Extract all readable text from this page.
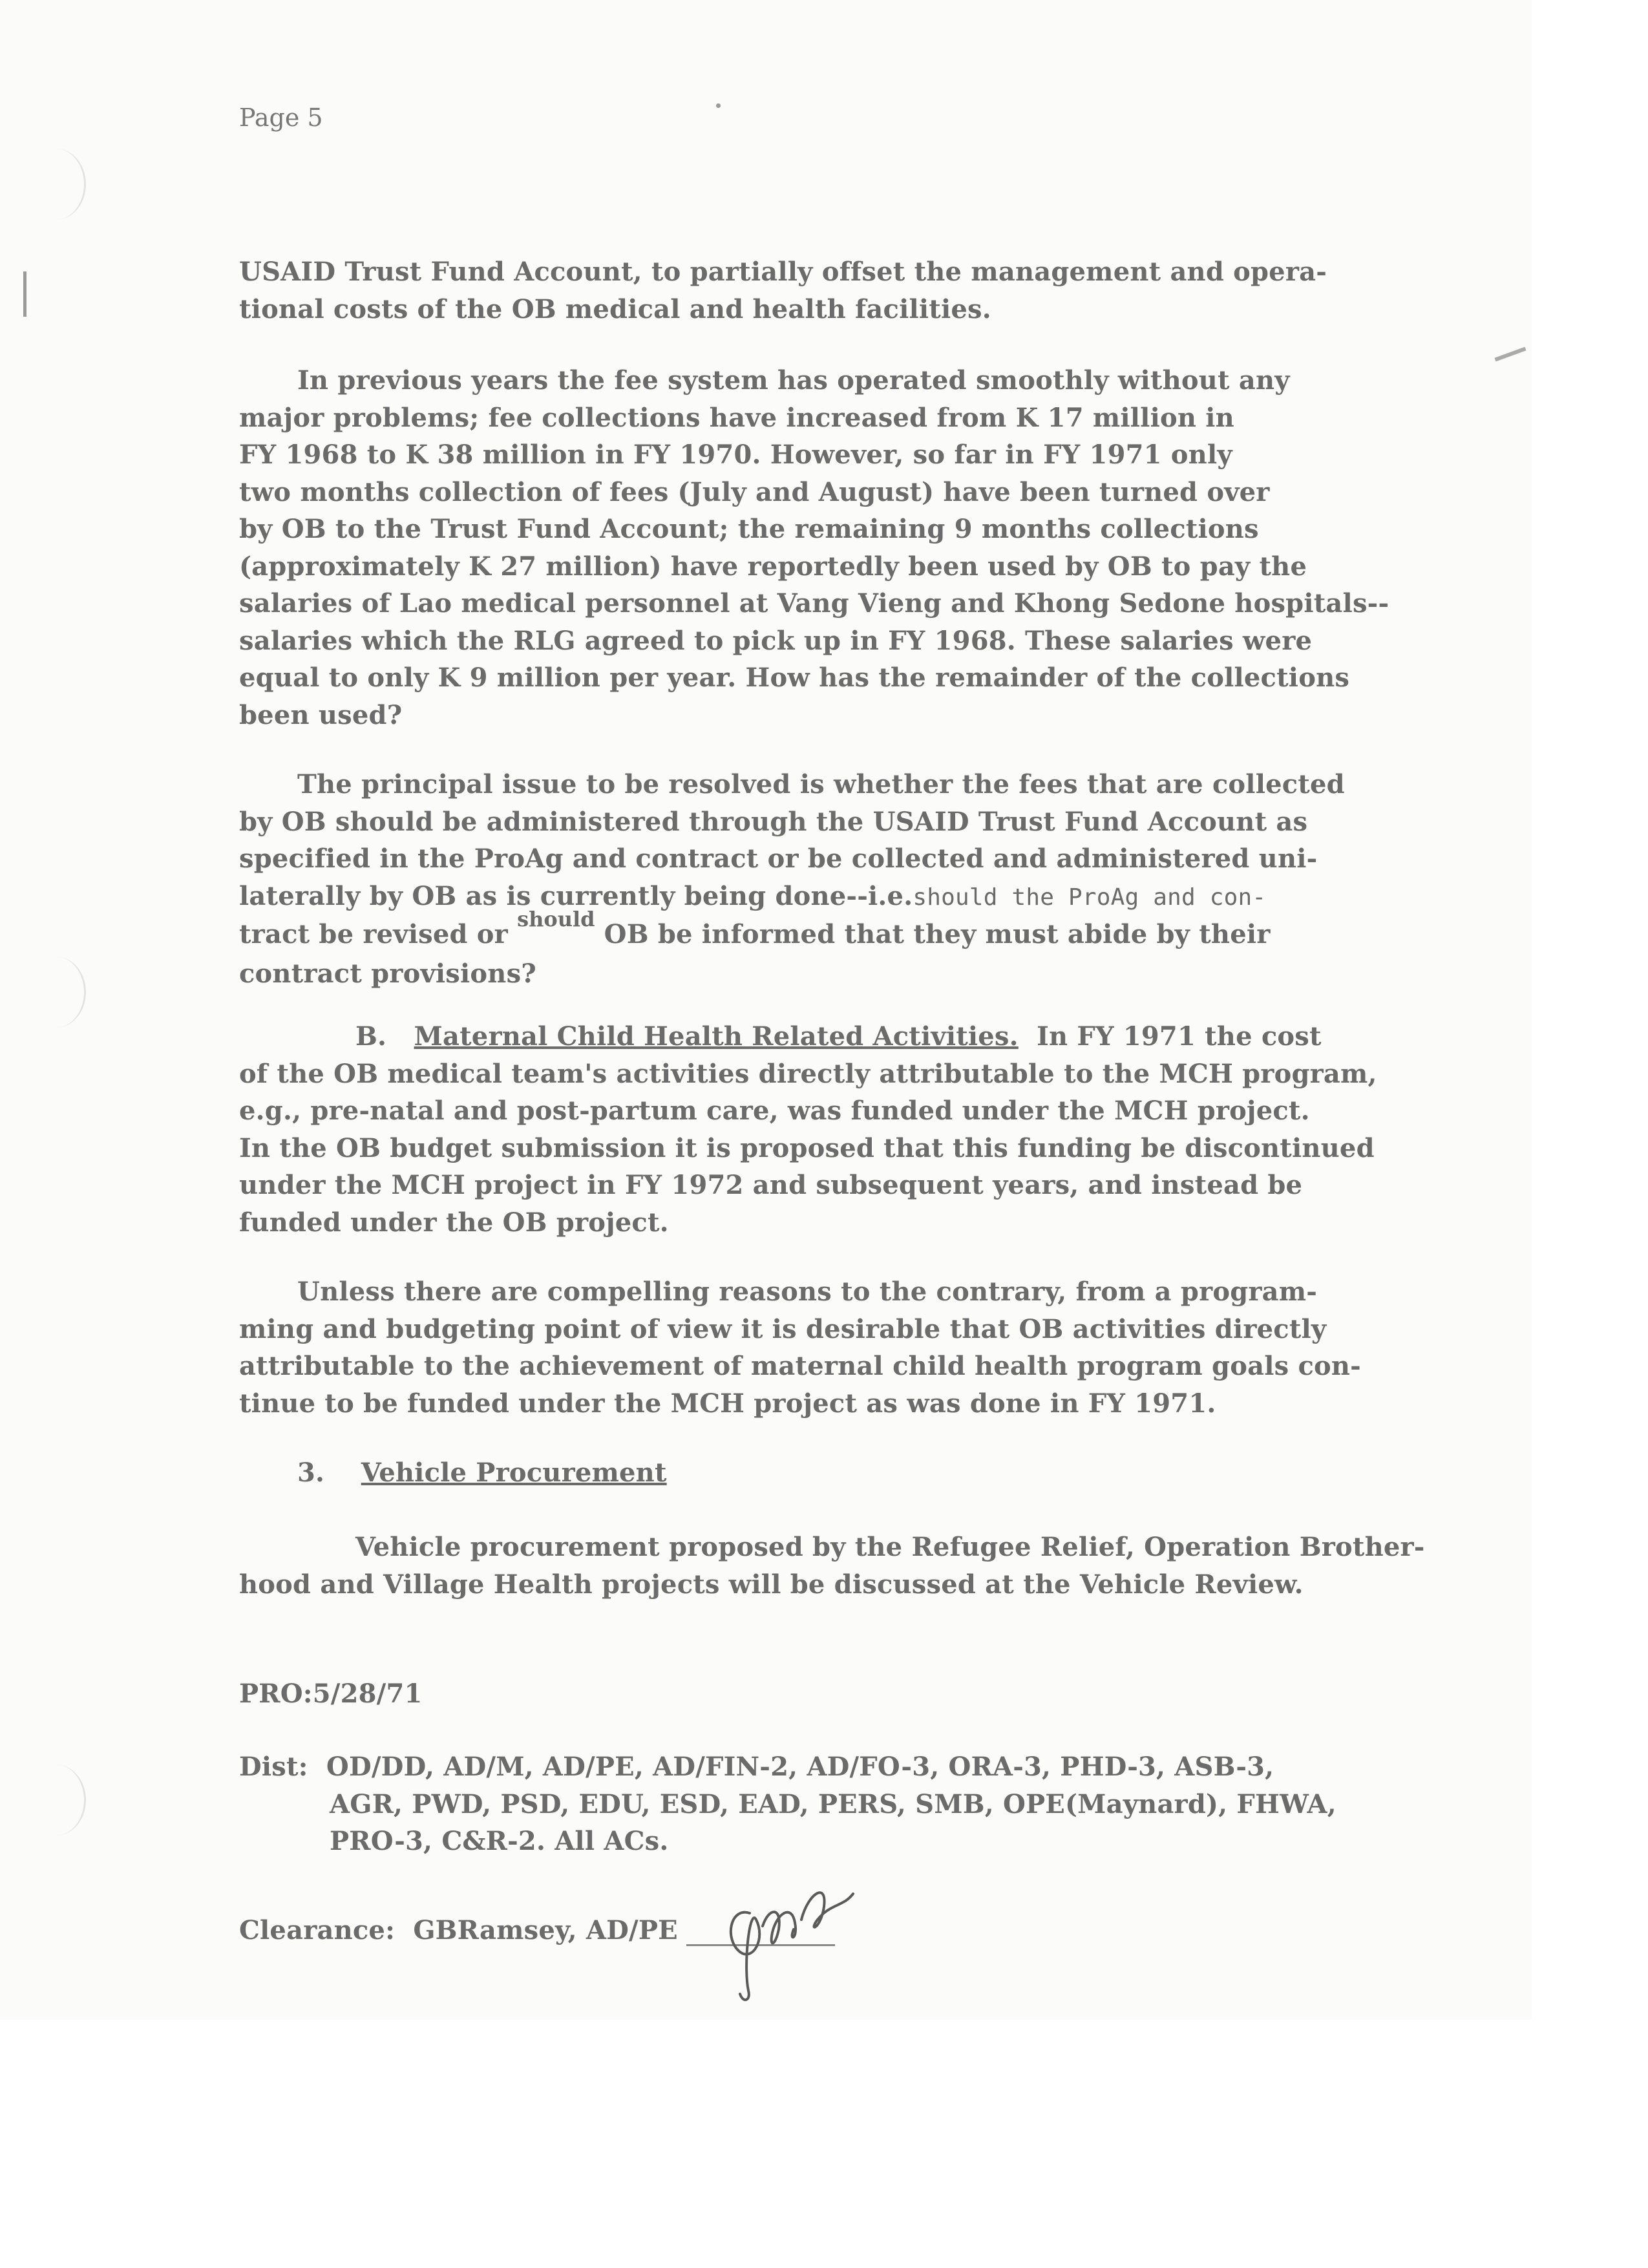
Page 5
USAID Trust Fund Account, to partially offset the management and opera-
tional costs of the OB medical and health facilities.
In previous years the fee system has operated smoothly without any
major problems; fee collections have increased from K 17 million in
FY 1968 to K 38 million in FY 1970. However, so far in FY 1971 only
two months collection of fees (July and August) have been turned over
by OB to the Trust Fund Account; the remaining 9 months collections
(approximately K 27 million) have reportedly been used by OB to pay the
salaries of Lao medical personnel at Vang Vieng and Khong Sedone hospitals--
salaries which the RLG agreed to pick up in FY 1968. These salaries were
equal to only K 9 million per year. How has the remainder of the collections
been used?
The principal issue to be resolved is whether the fees that are collected
by OB should be administered through the USAID Trust Fund Account as
specified in the ProAg and contract or be collected and administered uni-
laterally by OB as is currently being done--i.e.should the ProAg and con-
tract be revised or $^{should}$ OB be informed that they must abide by their
contract provisions?
B. Maternal Child Health Related Activities. In FY 1971 the cost
of the OB medical team's activities directly attributable to the MCH program,
e.g., pre-natal and post-partum care, was funded under the MCH project.
In the OB budget submission it is proposed that this funding be discontinued
under the MCH project in FY 1972 and subsequent years, and instead be
funded under the OB project.
Unless there are compelling reasons to the contrary, from a program-
ming and budgeting point of view it is desirable that OB activities directly
attributable to the achievement of maternal child health program goals con-
tinue to be funded under the MCH project as was done in FY 1971.
3. Vehicle Procurement
Vehicle procurement proposed by the Refugee Relief, Operation Brother-
hood and Village Health projects will be discussed at the Vehicle Review.
PRO:5/28/71
Dist: OD/DD, AD/M, AD/PE, AD/FIN-2, AD/FO-3, ORA-3, PHD-3, ASB-3,
AGR, PWD, PSD, EDU, ESD, EAD, PERS, SMB, OPE(Maynard), FHWA,
PRO-3, C&R-2. All ACs.
Clearance: GBRamsey, AD/PE
